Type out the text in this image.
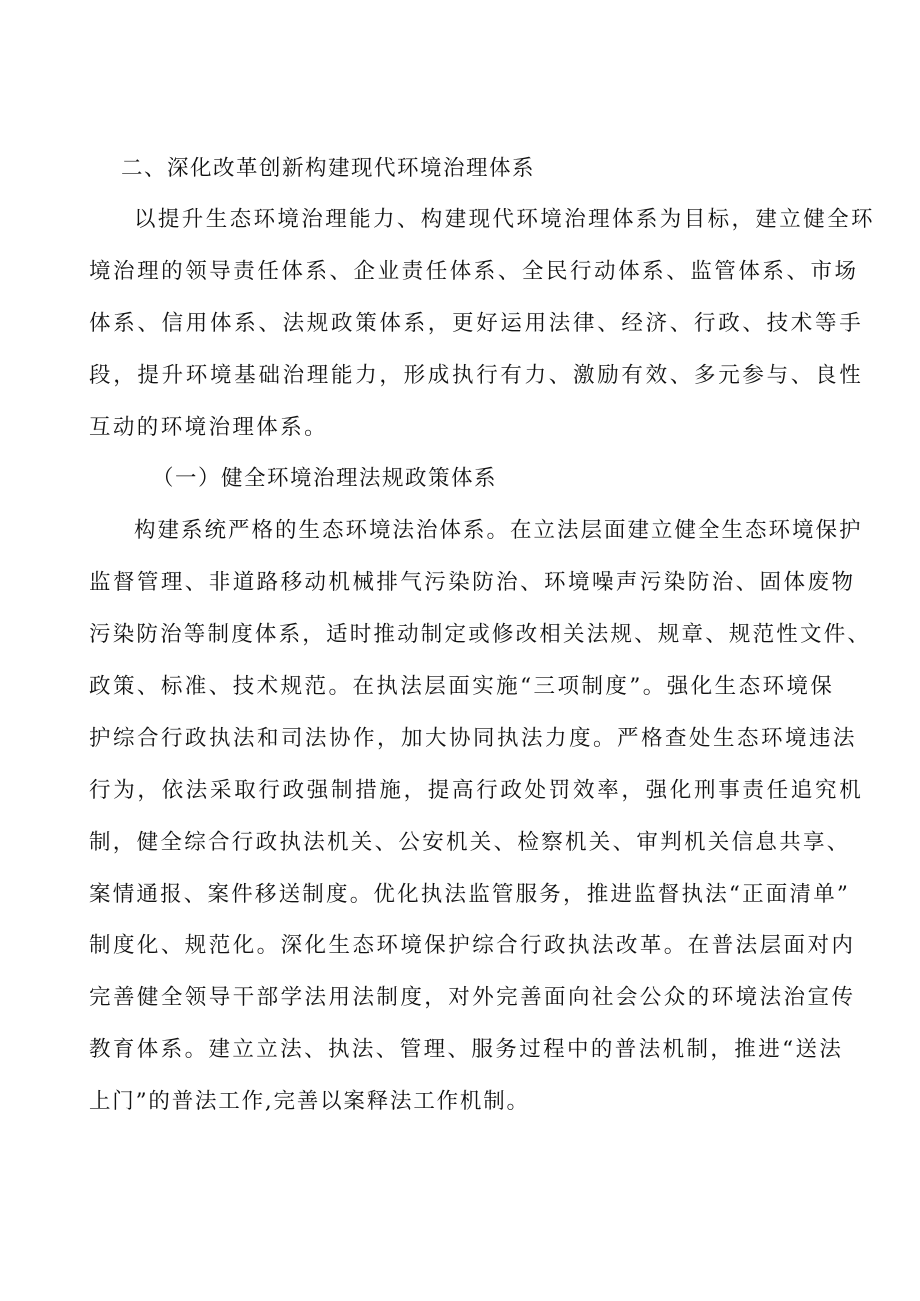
二、深化改革创新构建现代环境治理体系

以提升生态环境治理能力、构建现代环境治理体系为目标，建立健全环

境治理的领导责任体系、企业责任体系、全民行动体系、监管体系、市场

体系、信用体系、法规政策体系，更好运用法律、经济、行政、技术等手

段，提升环境基础治理能力，形成执行有力、激励有效、多元参与、良性

互动的环境治理体系。

（一）健全环境治理法规政策体系

构建系统严格的生态环境法治体系。在立法层面建立健全生态环境保护

监督管理、非道路移动机械排气污染防治、环境噪声污染防治、固体废物

污染防治等制度体系，适时推动制定或修改相关法规、规章、规范性文件、

政策、标准、技术规范。在执法层面实施“三项制度”。强化生态环境保

护综合行政执法和司法协作，加大协同执法力度。严格查处生态环境违法

行为，依法采取行政强制措施，提高行政处罚效率，强化刑事责任追究机

制，健全综合行政执法机关、公安机关、检察机关、审判机关信息共享、

案情通报、案件移送制度。优化执法监管服务，推进监督执法“正面清单”

制度化、规范化。深化生态环境保护综合行政执法改革。在普法层面对内

完善健全领导干部学法用法制度，对外完善面向社会公众的环境法治宣传

教育体系。建立立法、执法、管理、服务过程中的普法机制，推进“送法

上门”的普法工作,完善以案释法工作机制。
